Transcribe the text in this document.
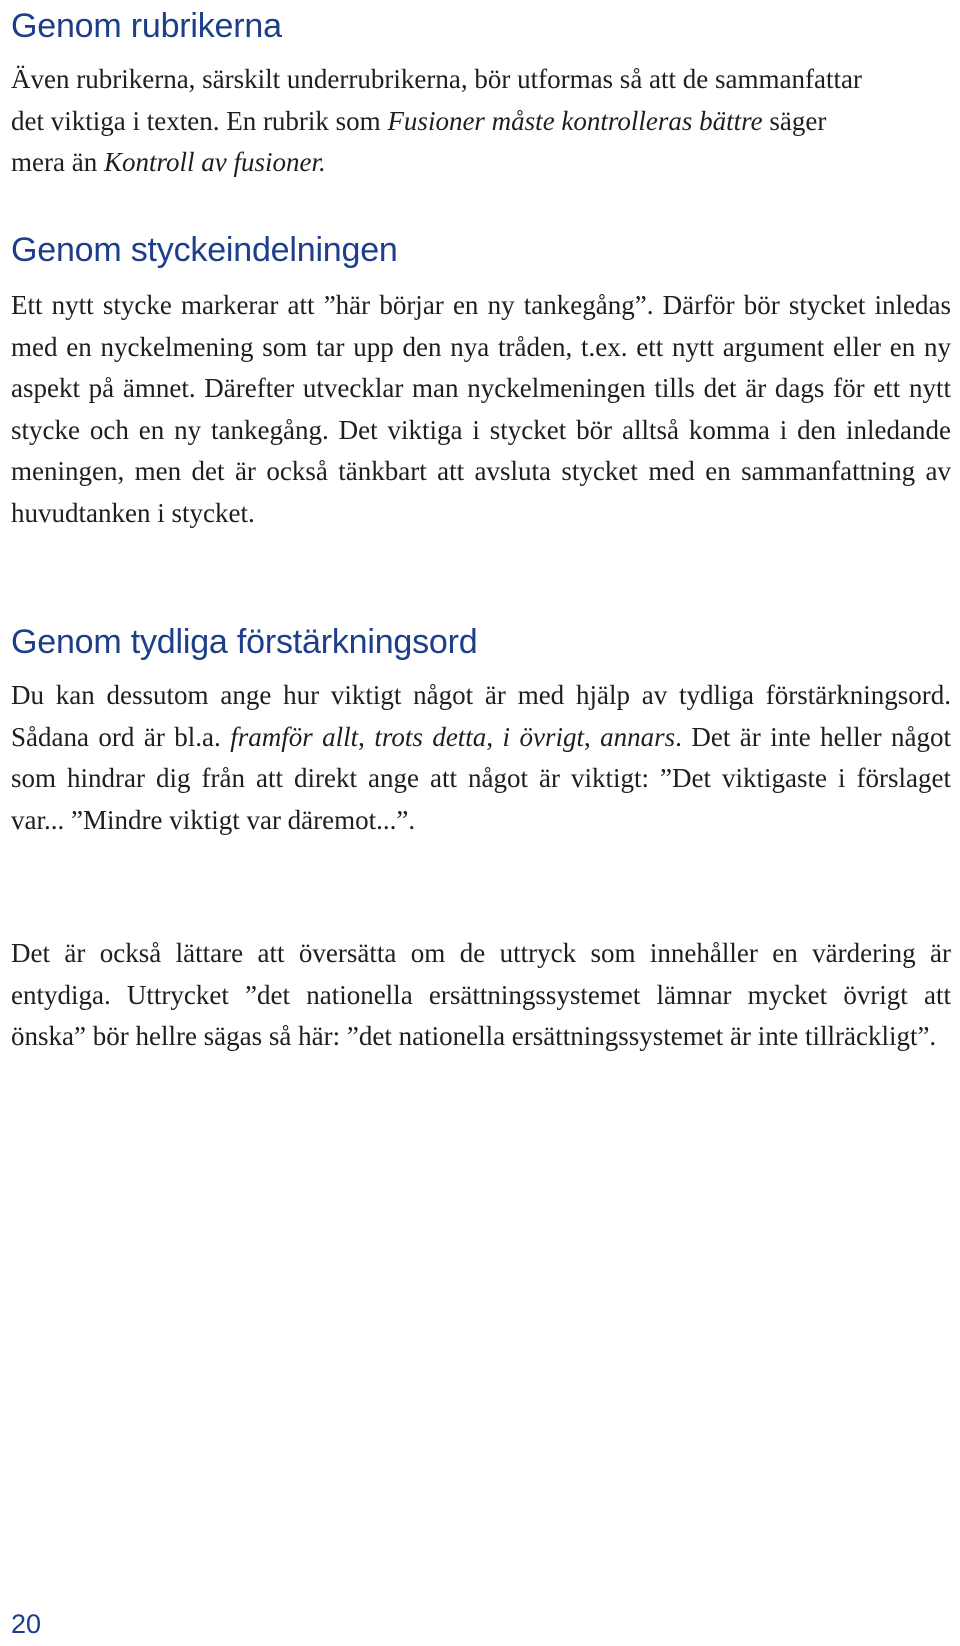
Genom rubrikerna

Även rubrikerna, särskilt underrubrikerna, bör utformas så att de sammanfattar det viktiga i texten. En rubrik som Fusioner måste kontrolleras bättre säger mera än Kontroll av fusioner.

Genom styckeindelningen

Ett nytt stycke markerar att ”här börjar en ny tankegång”. Därför bör stycket inledas med en nyckelmening som tar upp den nya tråden, t.ex. ett nytt argument eller en ny aspekt på ämnet. Därefter utvecklar man nyckelmeningen tills det är dags för ett nytt stycke och en ny tankegång. Det viktiga i stycket bör alltså komma i den inledande meningen, men det är också tänkbart att avsluta stycket med en sammanfattning av huvudtanken i stycket.

Genom tydliga förstärkningsord

Du kan dessutom ange hur viktigt något är med hjälp av tydliga förstärkningsord. Sådana ord är bl.a. framför allt, trots detta, i övrigt, annars. Det är inte heller något som hindrar dig från att direkt ange att något är viktigt: ”Det viktigaste i förslaget var... ”Mindre viktigt var däremot...”.

Det är också lättare att översätta om de uttryck som innehåller en värdering är entydiga. Uttrycket ”det nationella ersättningssystemet lämnar mycket övrigt att önska” bör hellre sägas så här: ”det nationella ersättningssystemet är inte tillräckligt”.

20
